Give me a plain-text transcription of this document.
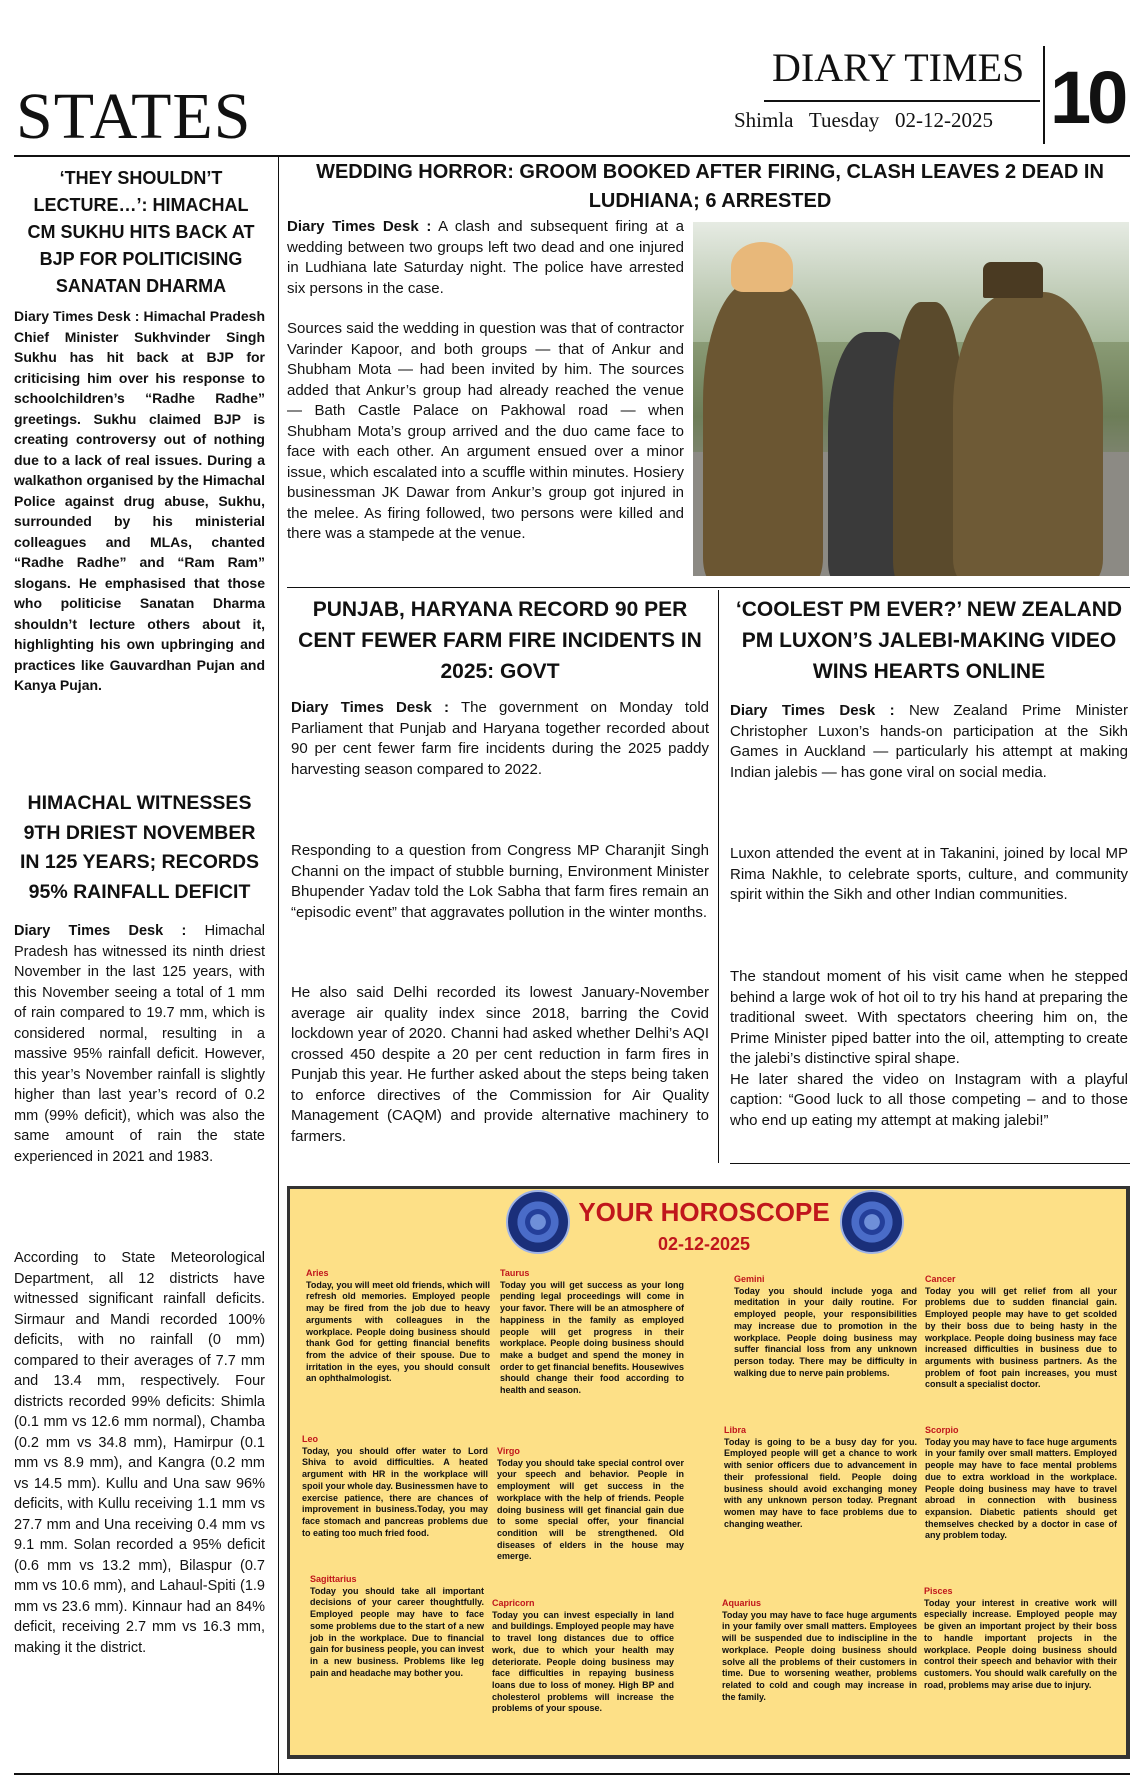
STATES
DIARY TIMES
Shimla Tuesday 02-12-2025 10
‘THEY SHOULDN’T LECTURE…’: HIMACHAL CM SUKHU HITS BACK AT BJP FOR POLITICISING SANATAN DHARMA
Diary Times Desk : Himachal Pradesh Chief Minister Sukhvinder Singh Sukhu has hit back at BJP for criticising him over his response to schoolchildren’s “Radhe Radhe” greetings. Sukhu claimed BJP is creating controversy out of nothing due to a lack of real issues. During a walkathon organised by the Himachal Police against drug abuse, Sukhu, surrounded by his ministerial colleagues and MLAs, chanted “Radhe Radhe” and “Ram Ram” slogans. He emphasised that those who politicise Sanatan Dharma shouldn’t lecture others about it, highlighting his own upbringing and practices like Gauvardhan Pujan and Kanya Pujan.
HIMACHAL WITNESSES 9TH DRIEST NOVEMBER IN 125 YEARS; RECORDS 95% RAINFALL DEFICIT
Diary Times Desk : Himachal Pradesh has witnessed its ninth driest November in the last 125 years, with this November seeing a total of 1 mm of rain compared to 19.7 mm, which is considered normal, resulting in a massive 95% rainfall deficit. However, this year’s November rainfall is slightly higher than last year’s record of 0.2 mm (99% deficit), which was also the same amount of rain the state experienced in 2021 and 1983.
According to State Meteorological Department, all 12 districts have witnessed significant rainfall deficits. Sirmaur and Mandi recorded 100% deficits, with no rainfall (0 mm) compared to their averages of 7.7 mm and 13.4 mm, respectively. Four districts recorded 99% deficits: Shimla (0.1 mm vs 12.6 mm normal), Chamba (0.2 mm vs 34.8 mm), Hamirpur (0.1 mm vs 8.9 mm), and Kangra (0.2 mm vs 14.5 mm). Kullu and Una saw 96% deficits, with Kullu receiving 1.1 mm vs 27.7 mm and Una receiving 0.4 mm vs 9.1 mm. Solan recorded a 95% deficit (0.6 mm vs 13.2 mm), Bilaspur (0.7 mm vs 10.6 mm), and Lahaul-Spiti (1.9 mm vs 23.6 mm). Kinnaur had an 84% deficit, receiving 2.7 mm vs 16.3 mm, making it the district.
WEDDING HORROR: GROOM BOOKED AFTER FIRING, CLASH LEAVES 2 DEAD IN LUDHIANA; 6 ARRESTED
Diary Times Desk : A clash and subsequent firing at a wedding between two groups left two dead and one injured in Ludhiana late Saturday night. The police have arrested six persons in the case.
Sources said the wedding in question was that of contractor Varinder Kapoor, and both groups — that of Ankur and Shubham Mota — had been invited by him. The sources added that Ankur’s group had already reached the venue — Bath Castle Palace on Pakhowal road — when Shubham Mota’s group arrived and the duo came face to face with each other. An argument ensued over a minor issue, which escalated into a scuffle within minutes. Hosiery businessman JK Dawar from Ankur’s group got injured in the melee. As firing followed, two persons were killed and there was a stampede at the venue.
PUNJAB, HARYANA RECORD 90 PER CENT FEWER FARM FIRE INCIDENTS IN 2025: GOVT
Diary Times Desk : The government on Monday told Parliament that Punjab and Haryana together recorded about 90 per cent fewer farm fire incidents during the 2025 paddy harvesting season compared to 2022.
Responding to a question from Congress MP Charanjit Singh Channi on the impact of stubble burning, Environment Minister Bhupender Yadav told the Lok Sabha that farm fires remain an “episodic event” that aggravates pollution in the winter months.
He also said Delhi recorded its lowest January-November average air quality index since 2018, barring the Covid lockdown year of 2020. Channi had asked whether Delhi’s AQI crossed 450 despite a 20 per cent reduction in farm fires in Punjab this year. He further asked about the steps being taken to enforce directives of the Commission for Air Quality Management (CAQM) and provide alternative machinery to farmers.
‘COOLEST PM EVER?’ NEW ZEALAND PM LUXON’S JALEBI-MAKING VIDEO WINS HEARTS ONLINE
Diary Times Desk : New Zealand Prime Minister Christopher Luxon’s hands-on participation at the Sikh Games in Auckland — particularly his attempt at making Indian jalebis — has gone viral on social media.
Luxon attended the event at in Takanini, joined by local MP Rima Nakhle, to celebrate sports, culture, and community spirit within the Sikh and other Indian communities.
The standout moment of his visit came when he stepped behind a large wok of hot oil to try his hand at preparing the traditional sweet. With spectators cheering him on, the Prime Minister piped batter into the oil, attempting to create the jalebi’s distinctive spiral shape.
He later shared the video on Instagram with a playful caption: “Good luck to all those competing – and to those who end up eating my attempt at making jalebi!”
YOUR HOROSCOPE
02-12-2025
Aries
Today, you will meet old friends, which will refresh old memories. Employed people may be fired from the job due to heavy arguments with colleagues in the workplace. People doing business should thank God for getting financial benefits from the advice of their spouse. Due to irritation in the eyes, you should consult an ophthalmologist.
Taurus
Today you will get success as your long pending legal proceedings will come in your favor. There will be an atmosphere of happiness in the family as employed people will get progress in their workplace. People doing business should make a budget and spend the money in order to get financial benefits. Housewives should change their food according to health and season.
Gemini
Today you should include yoga and meditation in your daily routine. For employed people, your responsibilities may increase due to promotion in the workplace. People doing business may suffer financial loss from any unknown person today. There may be difficulty in walking due to nerve pain problems.
Cancer
Today you will get relief from all your problems due to sudden financial gain. Employed people may have to get scolded by their boss due to being hasty in the workplace. People doing business may face increased difficulties in business due to arguments with business partners. As the problem of foot pain increases, you must consult a specialist doctor.
Leo
Today, you should offer water to Lord Shiva to avoid difficulties. A heated argument with HR in the workplace will spoil your whole day. Businessmen have to exercise patience, there are chances of improvement in business.Today, you may face stomach and pancreas problems due to eating too much fried food.
Virgo
Today you should take special control over your speech and behavior. People in employment will get success in the workplace with the help of friends. People doing business will get financial gain due to some special offer, your financial condition will be strengthened. Old diseases of elders in the house may emerge.
Libra
Today is going to be a busy day for you. Employed people will get a chance to work with senior officers due to advancement in their professional field. People doing business should avoid exchanging money with any unknown person today. Pregnant women may have to face problems due to changing weather.
Scorpio
Today you may have to face huge arguments in your family over small matters. Employed people may have to face mental problems due to extra workload in the workplace. People doing business may have to travel abroad in connection with business expansion. Diabetic patients should get themselves checked by a doctor in case of any problem today.
Sagittarius
Today you should take all important decisions of your career thoughtfully. Employed people may have to face some problems due to the start of a new job in the workplace. Due to financial gain for business people, you can invest in a new business. Problems like leg pain and headache may bother you.
Capricorn
Today you can invest especially in land and buildings. Employed people may have to travel long distances due to office work, due to which your health may deteriorate. People doing business may face difficulties in repaying business loans due to loss of money. High BP and cholesterol problems will increase the problems of your spouse.
Aquarius
Today you may have to face huge arguments in your family over small matters. Employees will be suspended due to indiscipline in the workplace. People doing business should solve all the problems of their customers in time. Due to worsening weather, problems related to cold and cough may increase in the family.
Pisces
Today your interest in creative work will especially increase. Employed people may be given an important project by their boss to handle important projects in the workplace. People doing business should control their speech and behavior with their customers. You should walk carefully on the road, problems may arise due to injury.
